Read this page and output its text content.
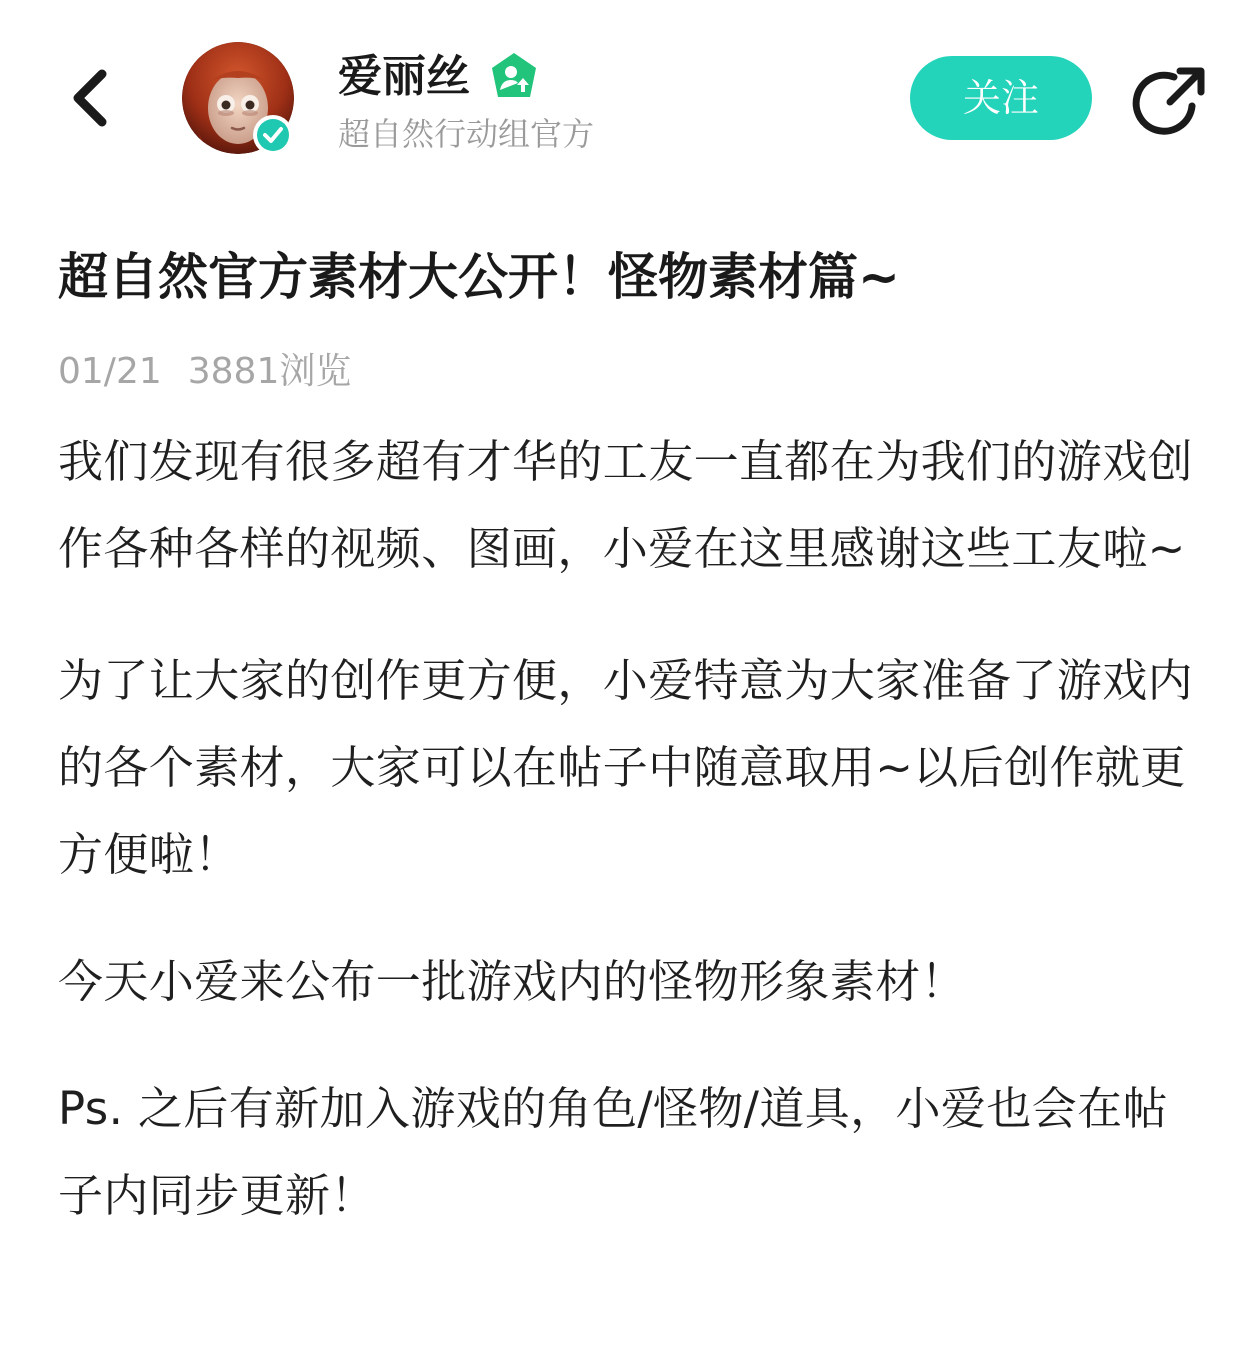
爱丽丝
超自然行动组官方
关注
超自然官方素材大公开！怪物素材篇~
01/21 3881浏览

我们发现有很多超有才华的工友一直都在为我们的游戏创作各种各样的视频、图画，小爱在这里感谢这些工友啦~

为了让大家的创作更方便，小爱特意为大家准备了游戏内的各个素材，大家可以在帖子中随意取用~以后创作就更方便啦！

今天小爱来公布一批游戏内的怪物形象素材！

Ps. 之后有新加入游戏的角色/怪物/道具，小爱也会在帖子内同步更新！
